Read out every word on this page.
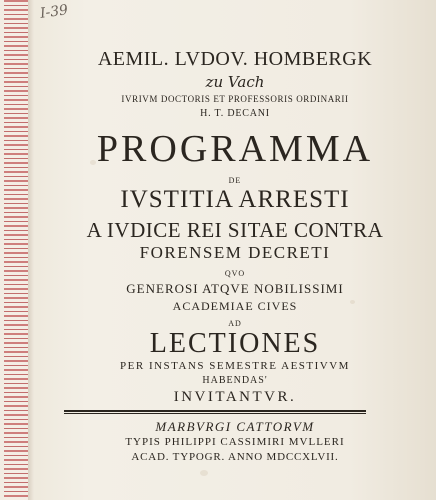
I-39
AEMIL. LVDOV. HOMBERGK
zu Vach
IVRIVM DOCTORIS ET PROFESSORIS ORDINARII
H. T. DECANI
PROGRAMMA
DE
IVSTITIA ARRESTI
A IVDICE REI SITAE CONTRA
FORENSEM DECRETI
QVO
GENEROSI ATQVE NOBILISSIMI
ACADEMIAE CIVES
AD
LECTIONES
PER INSTANS SEMESTRE AESTIVVM
HABENDAS'
INVITANTVR.
MARBVRGI CATTORVM
TYPIS PHILIPPI CASSIMIRI MVLLERI
ACAD. TYPOGR. ANNO MDCCXLVII.
